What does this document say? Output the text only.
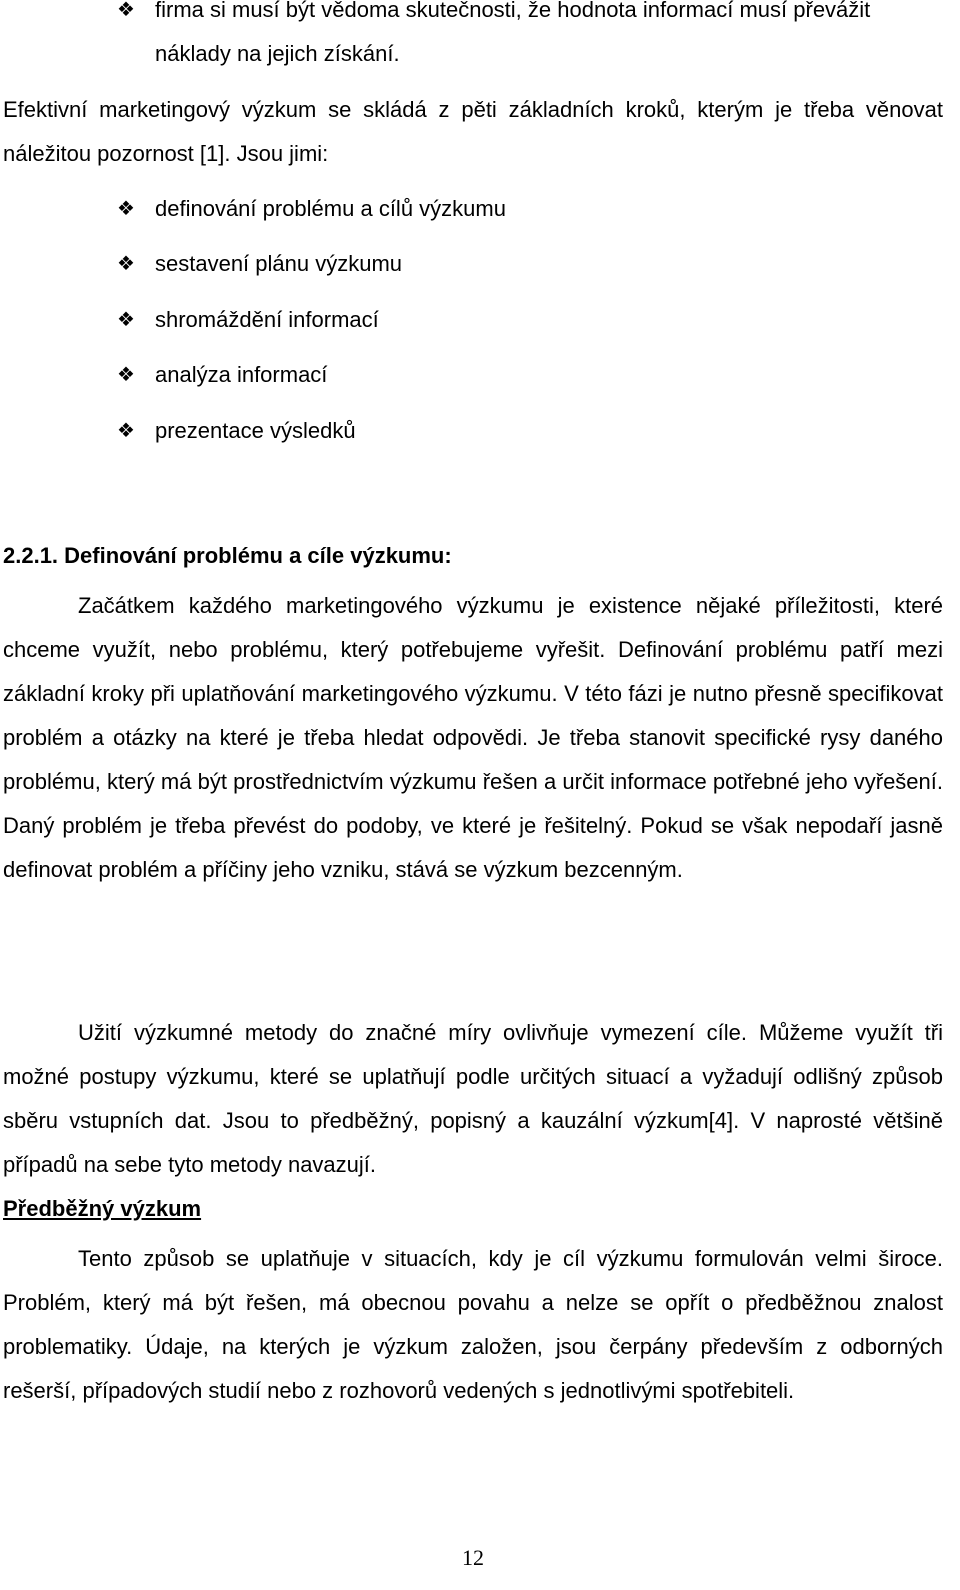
❖ firma si musí být vědoma skutečnosti, že hodnota informací musí převážit náklady na jejich získání.

Efektivní marketingový výzkum se skládá z pěti základních kroků, kterým je třeba věnovat náležitou pozornost [1]. Jsou jimi:

❖ definování problému a cílů výzkumu
❖ sestavení plánu výzkumu
❖ shromáždění informací
❖ analýza informací
❖ prezentace výsledků
2.2.1. Definování problému a cíle výzkumu:

Začátkem každého marketingového výzkumu je existence nějaké příležitosti, které chceme využít, nebo problému, který potřebujeme vyřešit. Definování problému patří mezi základní kroky při uplatňování marketingového výzkumu. V této fázi je nutno přesně specifikovat problém a otázky na které je třeba hledat odpovědi. Je třeba stanovit specifické rysy daného problému, který má být prostřednictvím výzkumu řešen a určit informace potřebné jeho vyřešení. Daný problém je třeba převést do podoby, ve které je řešitelný. Pokud se však nepodaří jasně definovat problém a příčiny jeho vzniku, stává se výzkum bezcenným.

Užití výzkumné metody do značné míry ovlivňuje vymezení cíle. Můžeme využít tři možné postupy výzkumu, které se uplatňují podle určitých situací a vyžadují odlišný způsob sběru vstupních dat. Jsou to předběžný, popisný a kauzální výzkum[4]. V naprosté většině případů na sebe tyto metody navazují.

Předběžný výzkum

Tento způsob se uplatňuje v situacích, kdy je cíl výzkumu formulován velmi široce. Problém, který má být řešen, má obecnou povahu a nelze se opřít o předběžnou znalost problematiky. Údaje, na kterých je výzkum založen, jsou čerpány především z odborných rešerší, případových studií nebo z rozhovorů vedených s jednotlivými spotřebiteli.

12
